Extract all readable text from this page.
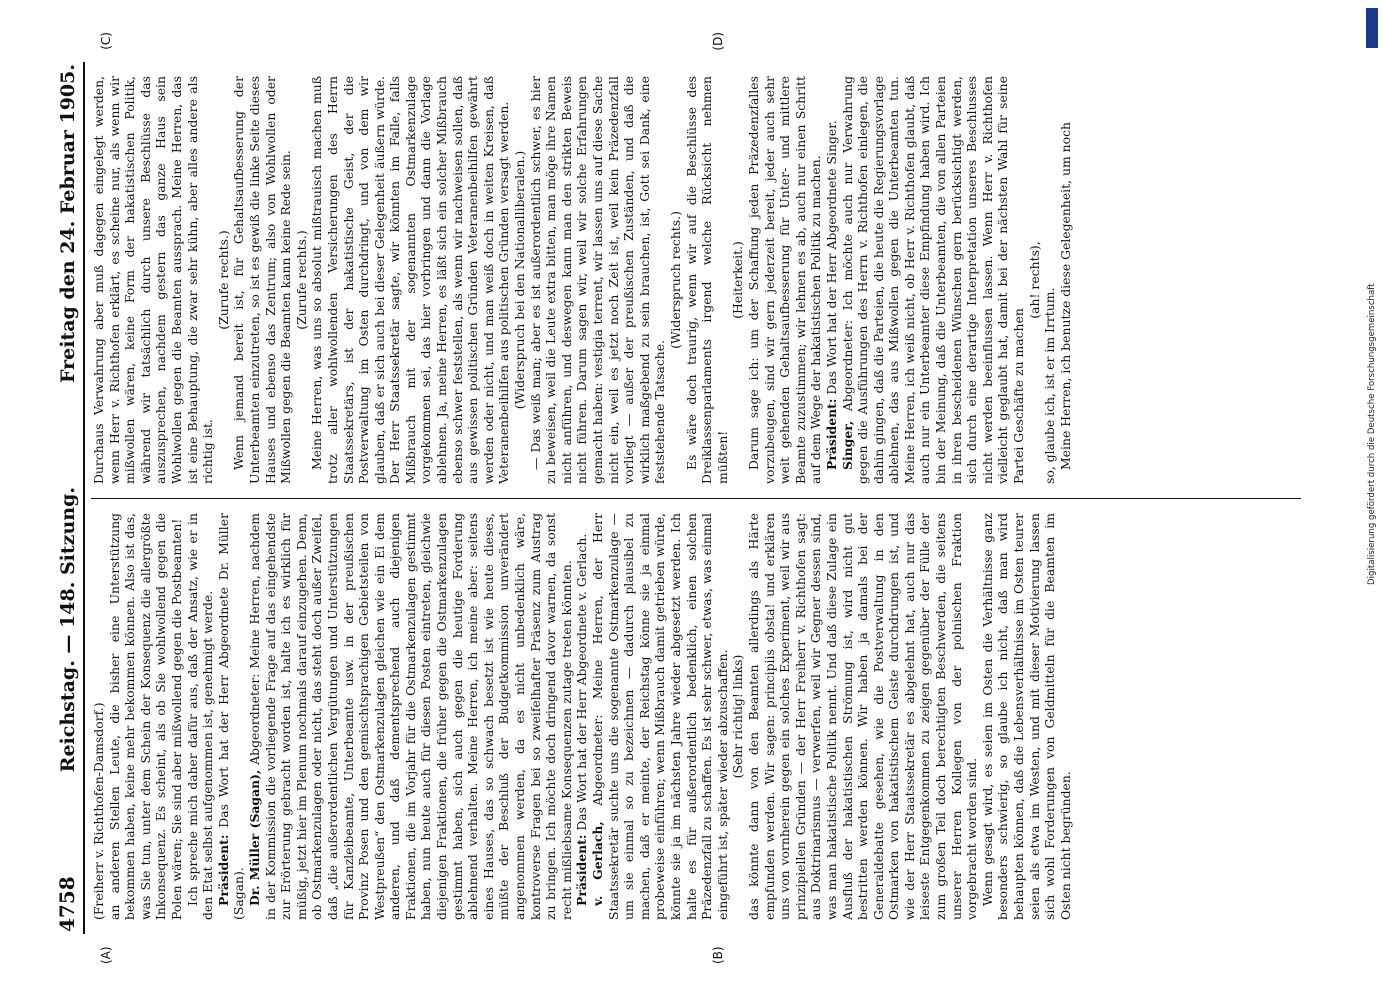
4758
Reichstag. — 148. Sitzung.
Freitag den 24. Februar 1905.

(Freiherr v. Richthofen-Damsdorf.) an anderen Stellen Leute, die bisher eine Unterstützung bekommen haben, keine mehr bekommen können. Also ist das, was Sie tun, unter dem Schein der Konsequenz die allergrößte Inkonsequenz. Es scheint, als ob Sie wohlwollend gegen die Polen wären; Sie sind aber mißwollend gegen die Postbeamten! Ich spreche mich daher dafür aus, daß der Ansatz, wie er in den Etat selbst aufgenommen ist, genehmigt werde. Präsident: Das Wort hat der Herr Abgeordnete Dr. Müller (Sagan). Dr. Müller (Sagan), Abgeordneter: Meine Herren, nachdem in der Kommission die vorliegende Frage auf das eingehendste zur Erörterung gebracht worden ist, halte ich es wirklich für müßig, jetzt hier im Plenum nochmals darauf einzugehen. Denn, ob Ostmarkenzulagen oder nicht, das steht doch außer Zweifel, daß „die außerordentlichen Vergütungen und Unterstützungen für Kanzleibeamte, Unterbeamte usw. in der preußischen Provinz Posen und den gemischtsprachigen Gebietsteilen von Westpreußen“ den Ostmarkenzulagen gleichen wie ein Ei dem anderen, und daß dementsprechend auch diejenigen Fraktionen, die im Vorjahr für die Ostmarkenzulagen gestimmt haben, nun heute auch für diesen Posten eintreten, gleichwie diejenigen Fraktionen, die früher gegen die Ostmarkenzulagen gestimmt haben, sich auch gegen die heutige Forderung ablehnend verhalten. Meine Herren, ich meine aber: seitens eines Hauses, das so schwach besetzt ist wie heute dieses, müßte der Beschluß der Budgetkommission unverändert angenommen werden, da es nicht unbedenklich wäre, kontroverse Fragen bei so zweifelhafter Präsenz zum Austrag zu bringen. Ich möchte doch dringend davor warnen, da sonst recht mißliebsame Konsequenzen zutage treten könnten. Präsident: Das Wort hat der Herr Abgeordnete v. Gerlach.

v. Gerlach, Abgeordneter: Meine Herren, der Herr Staatssekretär suchte uns die sogenannte Ostmarkenzulage — um sie einmal so zu bezeichnen — dadurch plausibel zu machen, daß er meinte, der Reichstag könne sie ja einmal probeweise einführen; wenn Mißbrauch damit getrieben würde, könnte sie ja im nächsten Jahre wieder abgesetzt werden. Ich halte es für außerordentlich bedenklich, einen solchen Präzedenzfall zu schaffen. Es ist sehr schwer, etwas, was einmal eingeführt ist, später wieder abzuschaffen. (Sehr richtig! links) das könnte dann von den Beamten allerdings als Härte empfunden werden. Wir sagen: principiis obsta! und erklären uns von vornherein gegen ein solches Experiment, weil wir aus prinzipiellen Gründen — der Herr Freiherr v. Richthofen sagt: aus Doktrinarismus — verwerfen, weil wir Gegner dessen sind, was man hakatistische Politik nennt. Und daß diese Zulage ein Ausfluß der hakatistischen Strömung ist, wird nicht gut bestritten werden können. Wir haben ja damals bei der Generaldebatte gesehen, wie die Postverwaltung in den Ostmarken von hakatistischem Geiste durchdrungen ist, und wie der Herr Staatssekretär es abgelehnt hat, auch nur das leiseste Entgegenkommen zu zeigen gegenüber der Fülle der zum großen Teil doch berechtigten Beschwerden, die seitens unserer Herren Kollegen von der polnischen Fraktion vorgebracht worden sind. Wenn gesagt wird, es seien im Osten die Verhältnisse ganz besonders schwierig, so glaube ich nicht, daß man wird behaupten können, daß die Lebensverhältnisse im Osten teurer seien als etwa im Westen, und mit dieser Motivierung lassen sich wohl Forderungen von Geldmitteln für die Beamten im Osten nicht begründen.

Durchaus Verwahrung aber muß dagegen eingelegt werden, wenn Herr v. Richthofen erklärt, es scheine nur, als wenn wir mißwollen wären, keine Form der hakatistischen Politik, während wir tatsächlich durch unsere Beschlüsse das auszusprechen, nachdem gestern das ganze Haus sein Wohlwollen gegen die Beamten aussprach. Meine Herren, das ist eine Behauptung, die zwar sehr kühn, aber alles andere als richtig ist.

(Zurufe rechts.) Wenn jemand bereit ist, für Gehaltsaufbesserung der Unterbeamten einzutreten, so ist es gewiß die linke Seite dieses Hauses und ebenso das Zentrum; also von Wohlwollen oder Mißwollen gegen die Beamten kann keine Rede sein. (Zurufe rechts.) Meine Herren, was uns so absolut mißtrauisch machen muß trotz aller wohlwollenden Versicherungen des Herrn Staatssekretärs, ist der hakatistische Geist, der die Postverwaltung im Osten durchdringt, und von dem wir glauben, daß er sich auch bei dieser Gelegenheit äußern würde. Der Herr Staatssekretär sagte, wir könnten im Falle, falls Mißbrauch mit der sogenannten Ostmarkenzulage vorgekommen sei, das hier vorbringen und dann die Vorlage ablehnen. Ja, meine Herren, es läßt sich ein solcher Mißbrauch ebenso schwer feststellen, als wenn wir nachweisen sollen, daß aus gewissen politischen Gründen Veteranenbeihilfen gewährt werden oder nicht, und man weiß doch in weiten Kreisen, daß Veteranenbeihilfen aus politischen Gründen versagt werden. (Widerspruch bei den Nationalliberalen.) — Das weiß man; aber es ist außerordentlich schwer, es hier zu beweisen, weil die Leute extra bitten, man möge ihre Namen nicht anführen, und deswegen kann man den strikten Beweis nicht führen. Darum sagen wir, weil wir solche Erfahrungen gemacht haben: vestigia terrent, wir lassen uns auf diese Sache nicht ein, weil es jetzt noch Zeit ist, weil kein Präzedenzfall vorliegt — außer der preußischen Zuständen, und daß die wirklich maßgebend zu sein brauchen, ist, Gott sei Dank, eine feststehende Tatsache.

(Widerspruch rechts.) Es wäre doch traurig, wenn wir auf die Beschlüsse des Dreiklassenparlaments irgend welche Rücksicht nehmen müßten!

(Heiterkeit.) Darum sage ich: um der Schaffung jeden Präzedenzfalles vorzubeugen, sind wir gern jederzeit bereit, jeder auch sehr weit gehenden Gehaltsaufbesserung für Unter- und mittlere Beamte zuzustimmen; wir lehnen es ab, auch nur einen Schritt auf dem Wege der hakatistischen Politik zu machen. Präsident: Das Wort hat der Herr Abgeordnete Singer.

Singer, Abgeordneter: Ich möchte auch nur Verwahrung gegen die Ausführungen des Herrn v. Richthofen einlegen, die dahin gingen, daß die Parteien, die heute die Regierungsvorlage ablehnen, das aus Mißwollen gegen die Unterbeamten tun. Meine Herren, ich weiß nicht, ob Herr v. Richthofen glaubt, daß auch nur ein Unterbeamter diese Empfindung haben wird. Ich bin der Meinung, daß die Unterbeamten, die von allen Parteien in ihren bescheidenen Wünschen gern berücksichtigt werden, sich durch eine derartige Interpretation unseres Beschlusses nicht werden beeinflussen lassen. Wenn Herr v. Richthofen vielleicht geglaubt hat, damit bei der nächsten Wahl für seine Partei Geschäfte zu machen

(ah! rechts),

so, glaube ich, ist er im Irrtum. Meine Herren, ich benutze diese Gelegenheit, um noch

(A)	(B)
(C)	(D)
DFG
Digitalisierung gefördert durch die Deutsche Forschungsgemeinschaft
